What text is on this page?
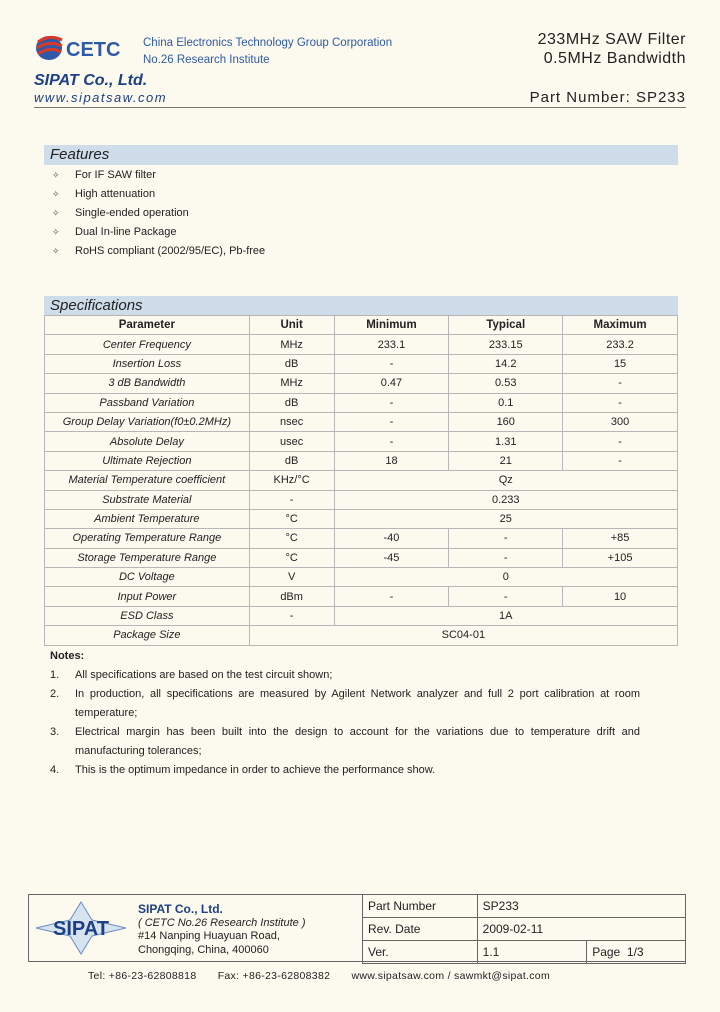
CETC China Electronics Technology Group Corporation
No.26 Research Institute
233MHz SAW Filter
0.5MHz Bandwidth
SIPAT Co., Ltd.
www.sipatsaw.com	Part Number: SP233
Features
✧	For IF SAW filter
✧	High attenuation
✧	Single-ended operation
✧	Dual In-line Package
✧	RoHS compliant (2002/95/EC), Pb-free
Specifications
Parameter	Unit	Minimum	Typical	Maximum
Center Frequency	MHz	233.1	233.15	233.2
Insertion Loss	dB	-	14.2	15
3 dB Bandwidth	MHz	0.47	0.53	-
Passband Variation	dB	-	0.1	-
Group Delay Variation(f0±0.2MHz)	nsec	-	160	300
Absolute Delay	usec	-	1.31	-
Ultimate Rejection	dB	18	21	-
Material Temperature coefficient	KHz/°C	Qz		
Substrate Material	-	0.233		
Ambient Temperature	°C	25		
Operating Temperature Range	°C	-40	-	+85
Storage Temperature Range	°C	-45	-	+105
DC Voltage	V	0		
Input Power	dBm	-	-	10
ESD Class	-	1A		
Package Size	SC04-01			
Notes:
1.	All specifications are based on the test circuit shown;
2.	In production, all specifications are measured by Agilent Network analyzer and full 2 port calibration at room temperature;
3.	Electrical margin has been built into the design to account for the variations due to temperature drift and manufacturing tolerances;
4.	This is the optimum impedance in order to achieve the performance show.
SIPAT
SIPAT Co., Ltd.
( CETC No.26 Research Institute )
#14 Nanping Huayuan Road,
Chongqing, China, 400060
Part Number	SP233	
Rev. Date	2009-02-11	
Ver.	1.1	Page 1/3
Tel: +86-23-62808818 Fax: +86-23-62808382 www.sipatsaw.com / sawmkt@sipat.com
